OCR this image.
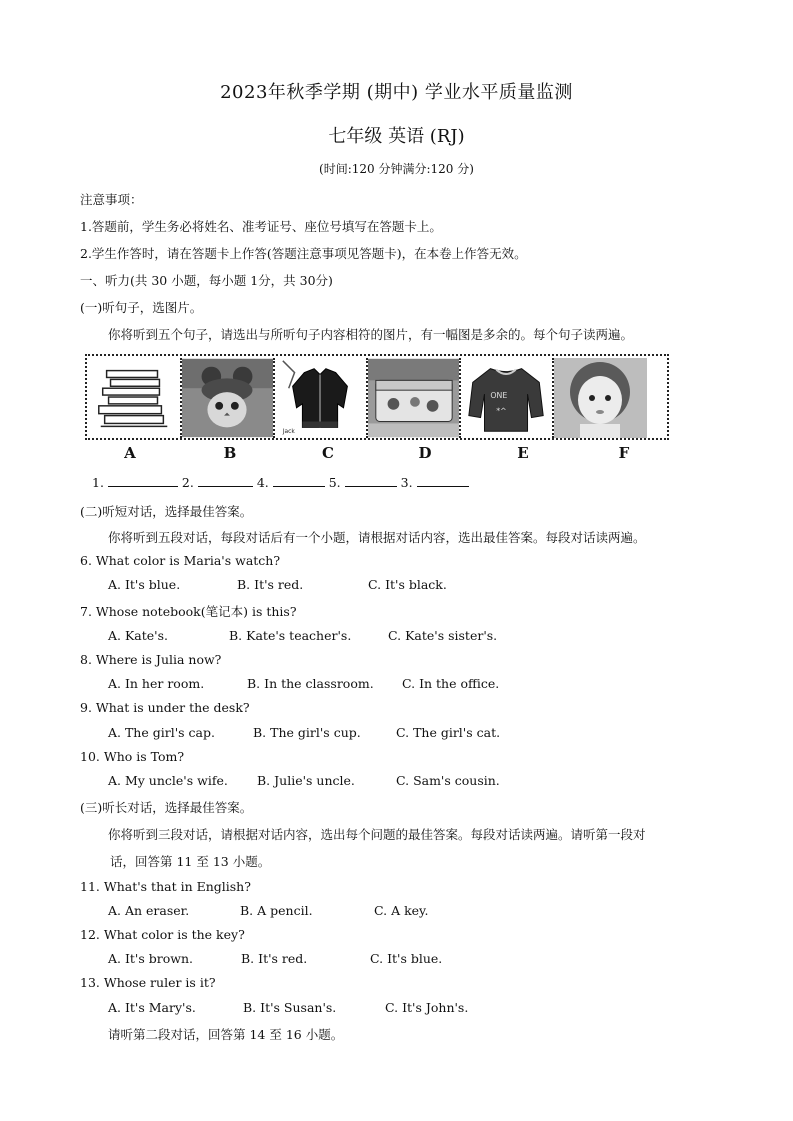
2023年秋季学期 (期中) 学业水平质量监测
七年级 英语 (RJ)
(时间:120 分钟满分:120 分)
注意事项：
1.答题前，学生务必将姓名、准考证号、座位号填写在答题卡上。
2.学生作答时，请在答题卡上作答(答题注意事项见答题卡)，在本卷上作答无效。
一、听力(共 30 小题，每小题 1分，共 30分)
(一)听句子，选图片。
你将听到五个句子，请选出与所听句子内容相符的图片，有一幅图是多余的。每个句子读两遍。
Jack
ONE
*^
A	B	C	D	E	F
1.	2.	4.	5.	3.
(二)听短对话，选择最佳答案。
你将听到五段对话，每段对话后有一个小题，请根据对话内容，选出最佳答案。每段对话读两遍。
6. What color is Maria's watch?
A. It's blue.	B. It's red.	C. It's black.
7. Whose notebook(笔记本) is this?
A. Kate's.	B. Kate's teacher's.	C. Kate's sister's.
8. Where is Julia now?
A. In her room.	B. In the classroom. C. In the office.
9. What is under the desk?
A. The girl's cap.	B. The girl's cup.	C. The girl's cat.
10. Who is Tom?
A. My uncle's wife. B. Julie's uncle.	C. Sam's cousin.
(三)听长对话，选择最佳答案。
你将听到三段对话，请根据对话内容，选出每个问题的最佳答案。每段对话读两遍。请听第一段对
话，回答第 11 至 13 小题。
11. What's that in English?
A. An eraser.	B. A pencil.	C. A key.
12. What color is the key?
A. It's brown.	B. It's red.	C. It's blue.
13. Whose ruler is it?
A. It's Mary's.	B. It's Susan's.	C. It's John's.
请听第二段对话，回答第 14 至 16 小题。
